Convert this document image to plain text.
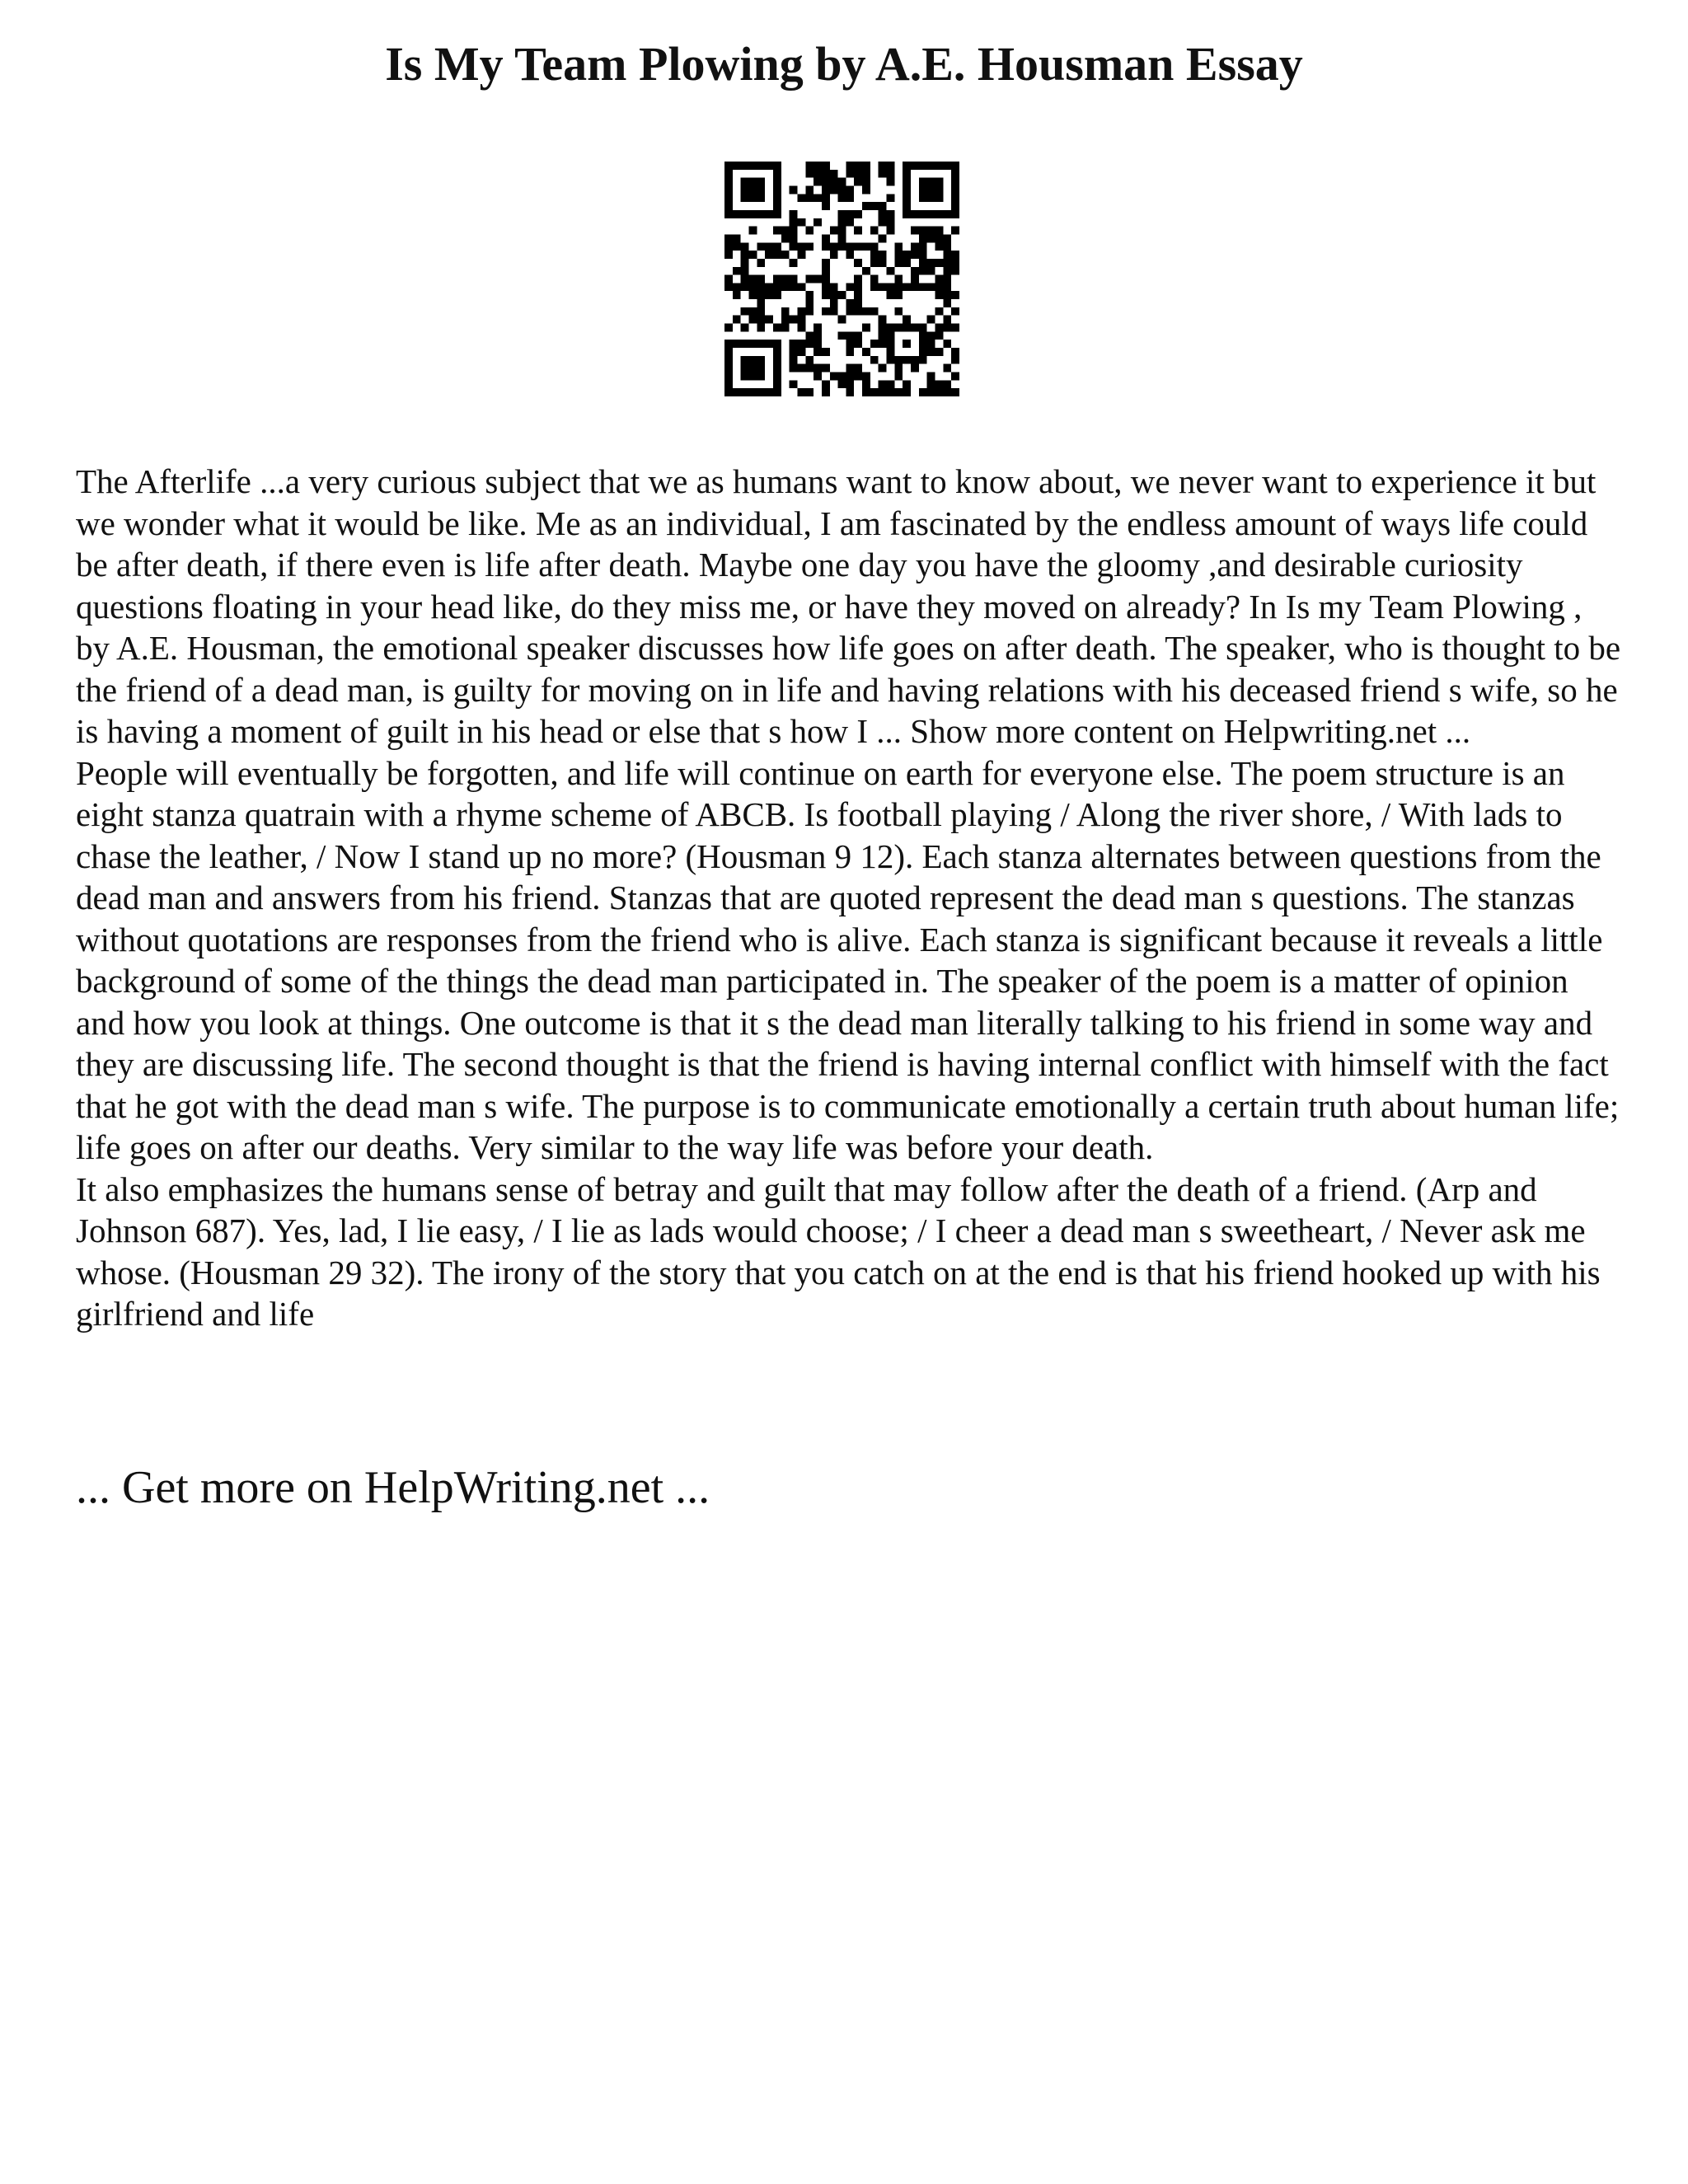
Is My Team Plowing by A.E. Housman Essay

The Afterlife ...a very curious subject that we as humans want to know about, we never want to experience it but we wonder what it would be like. Me as an individual, I am fascinated by the endless amount of ways life could be after death, if there even is life after death. Maybe one day you have the gloomy ,and desirable curiosity questions floating in your head like, do they miss me, or have they moved on already? In Is my Team Plowing , by A.E. Housman, the emotional speaker discusses how life goes on after death. The speaker, who is thought to be the friend of a dead man, is guilty for moving on in life and having relations with his deceased friend s wife, so he is having a moment of guilt in his head or else that s how I ... Show more content on Helpwriting.net ...

People will eventually be forgotten, and life will continue on earth for everyone else. The poem structure is an eight stanza quatrain with a rhyme scheme of ABCB. Is football playing / Along the river shore, / With lads to chase the leather, / Now I stand up no more? (Housman 9 12). Each stanza alternates between questions from the dead man and answers from his friend. Stanzas that are quoted represent the dead man s questions. The stanzas without quotations are responses from the friend who is alive. Each stanza is significant because it reveals a little background of some of the things the dead man participated in. The speaker of the poem is a matter of opinion and how you look at things. One outcome is that it s the dead man literally talking to his friend in some way and they are discussing life. The second thought is that the friend is having internal conflict with himself with the fact that he got with the dead man s wife. The purpose is to communicate emotionally a certain truth about human life; life goes on after our deaths. Very similar to the way life was before your death.

It also emphasizes the humans sense of betray and guilt that may follow after the death of a friend. (Arp and Johnson 687). Yes, lad, I lie easy, / I lie as lads would choose; / I cheer a dead man s sweetheart, / Never ask me whose. (Housman 29 32). The irony of the story that you catch on at the end is that his friend hooked up with his girlfriend and life

... Get more on HelpWriting.net ...
